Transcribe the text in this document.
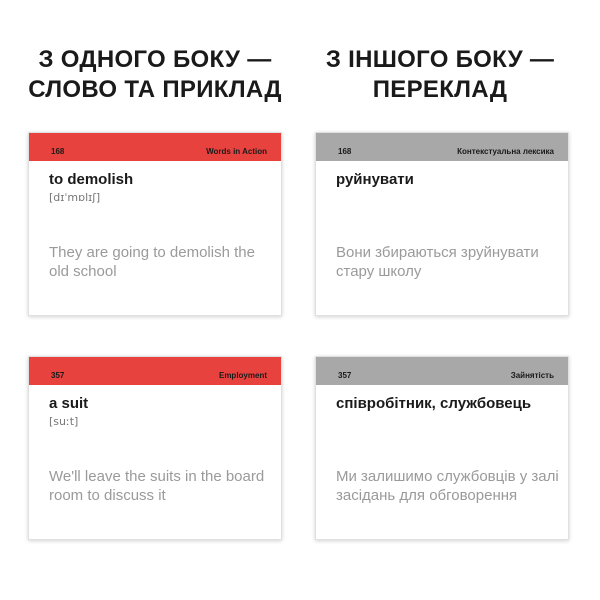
З ОДНОГО БОКУ —
СЛОВО ТА ПРИКЛАД
З ІНШОГО БОКУ —
ПЕРЕКЛАД
168	Words in Action
to demolish
[dɪˈmɒlɪʃ]
They are going to demolish the old school
168	Контекстуальна лексика
руйнувати
Вони збираються зруйнувати стару школу
357	Employment
a suit
[suːt]
We'll leave the suits in the board room to discuss it
357	Зайнятість
співробітник, службовець
Ми залишимо службовців у залі засідань для обговорення
